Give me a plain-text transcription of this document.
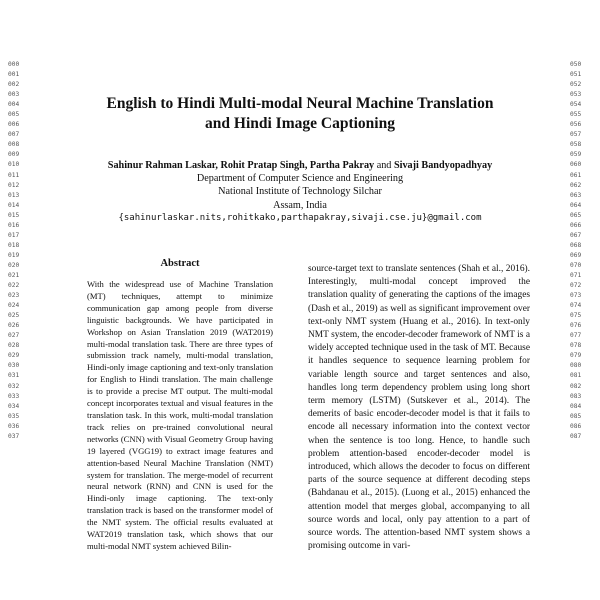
000
001
002
003
004
005
006
007
008
009
010
011
012
013
014
015
016
017
018
019
020
021
022
023
024
025
026
027
028
029
030
031
032
033
034
035
036
037
050
051
052
053
054
055
056
057
058
059
060
061
062
063
064
065
066
067
068
069
070
071
072
073
074
075
076
077
078
079
080
081
082
083
084
085
086
087
English to Hindi Multi-modal Neural Machine Translation
and Hindi Image Captioning
Sahinur Rahman Laskar, Rohit Pratap Singh, Partha Pakray and Sivaji Bandyopadhyay
Department of Computer Science and Engineering
National Institute of Technology Silchar
Assam, India
{sahinurlaskar.nits,rohitkako,parthapakray,sivaji.cse.ju}@gmail.com
Abstract

With the widespread use of Machine Translation (MT) techniques, attempt to minimize communication gap among people from diverse linguistic backgrounds. We have participated in Workshop on Asian Translation 2019 (WAT2019) multi-modal translation task. There are three types of submission track namely, multi-modal translation, Hindi-only image captioning and text-only translation for English to Hindi translation. The main challenge is to provide a precise MT output. The multi-modal concept incorporates textual and visual features in the translation task. In this work, multi-modal translation track relies on pre-trained convolutional neural networks (CNN) with Visual Geometry Group having 19 layered (VGG19) to extract image features and attention-based Neural Machine Translation (NMT) system for translation. The merge-model of recurrent neural network (RNN) and CNN is used for the Hindi-only image captioning. The text-only translation track is based on the transformer model of the NMT system. The official results evaluated at WAT2019 translation task, which shows that our multi-modal NMT system achieved Bilin-

source-target text to translate sentences (Shah et al., 2016). Interestingly, multi-modal concept improved the translation quality of generating the captions of the images (Dash et al., 2019) as well as significant improvement over text-only NMT system (Huang et al., 2016). In text-only NMT system, the encoder-decoder framework of NMT is a widely accepted technique used in the task of MT. Because it handles sequence to sequence learning problem for variable length source and target sentences and also, handles long term dependency problem using long short term memory (LSTM) (Sutskever et al., 2014). The demerits of basic encoder-decoder model is that it fails to encode all necessary information into the context vector when the sentence is too long. Hence, to handle such problem attention-based encoder-decoder model is introduced, which allows the decoder to focus on different parts of the source sequence at different decoding steps (Bahdanau et al., 2015). (Luong et al., 2015) enhanced the attention model that merges global, accompanying to all source words and local, only pay attention to a part of source words. The attention-based NMT system shows a promising outcome in vari-
